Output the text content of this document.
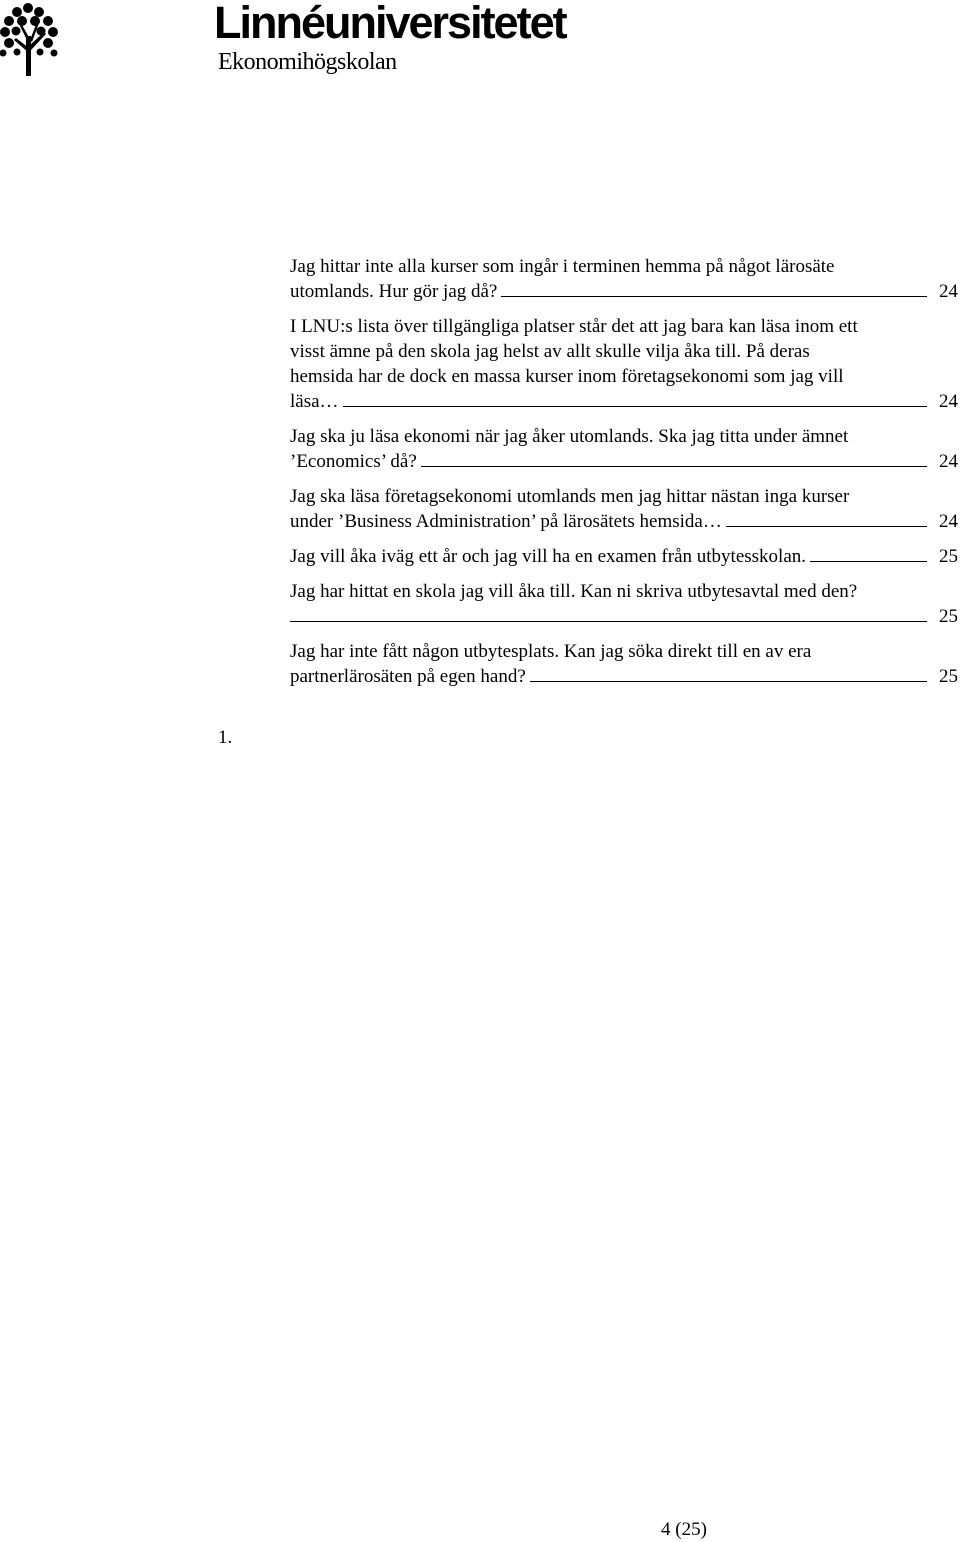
Linnéuniversitetet
Ekonomihögskolan
Jag hittar inte alla kurser som ingår i terminen hemma på något lärosäte
utomlands. Hur gör jag då?	24
I LNU:s lista över tillgängliga platser står det att jag bara kan läsa inom ett
visst ämne på den skola jag helst av allt skulle vilja åka till. På deras
hemsida har de dock en massa kurser inom företagsekonomi som jag vill
läsa…	24
Jag ska ju läsa ekonomi när jag åker utomlands. Ska jag titta under ämnet
’Economics’ då?	24
Jag ska läsa företagsekonomi utomlands men jag hittar nästan inga kurser
under ’Business Administration’ på lärosätets hemsida…	24
Jag vill åka iväg ett år och jag vill ha en examen från utbytesskolan.	25
Jag har hittat en skola jag vill åka till. Kan ni skriva utbytesavtal med den?
25
Jag har inte fått någon utbytesplats. Kan jag söka direkt till en av era
partnerlärosäten på egen hand?	25
1.
4 (25)
